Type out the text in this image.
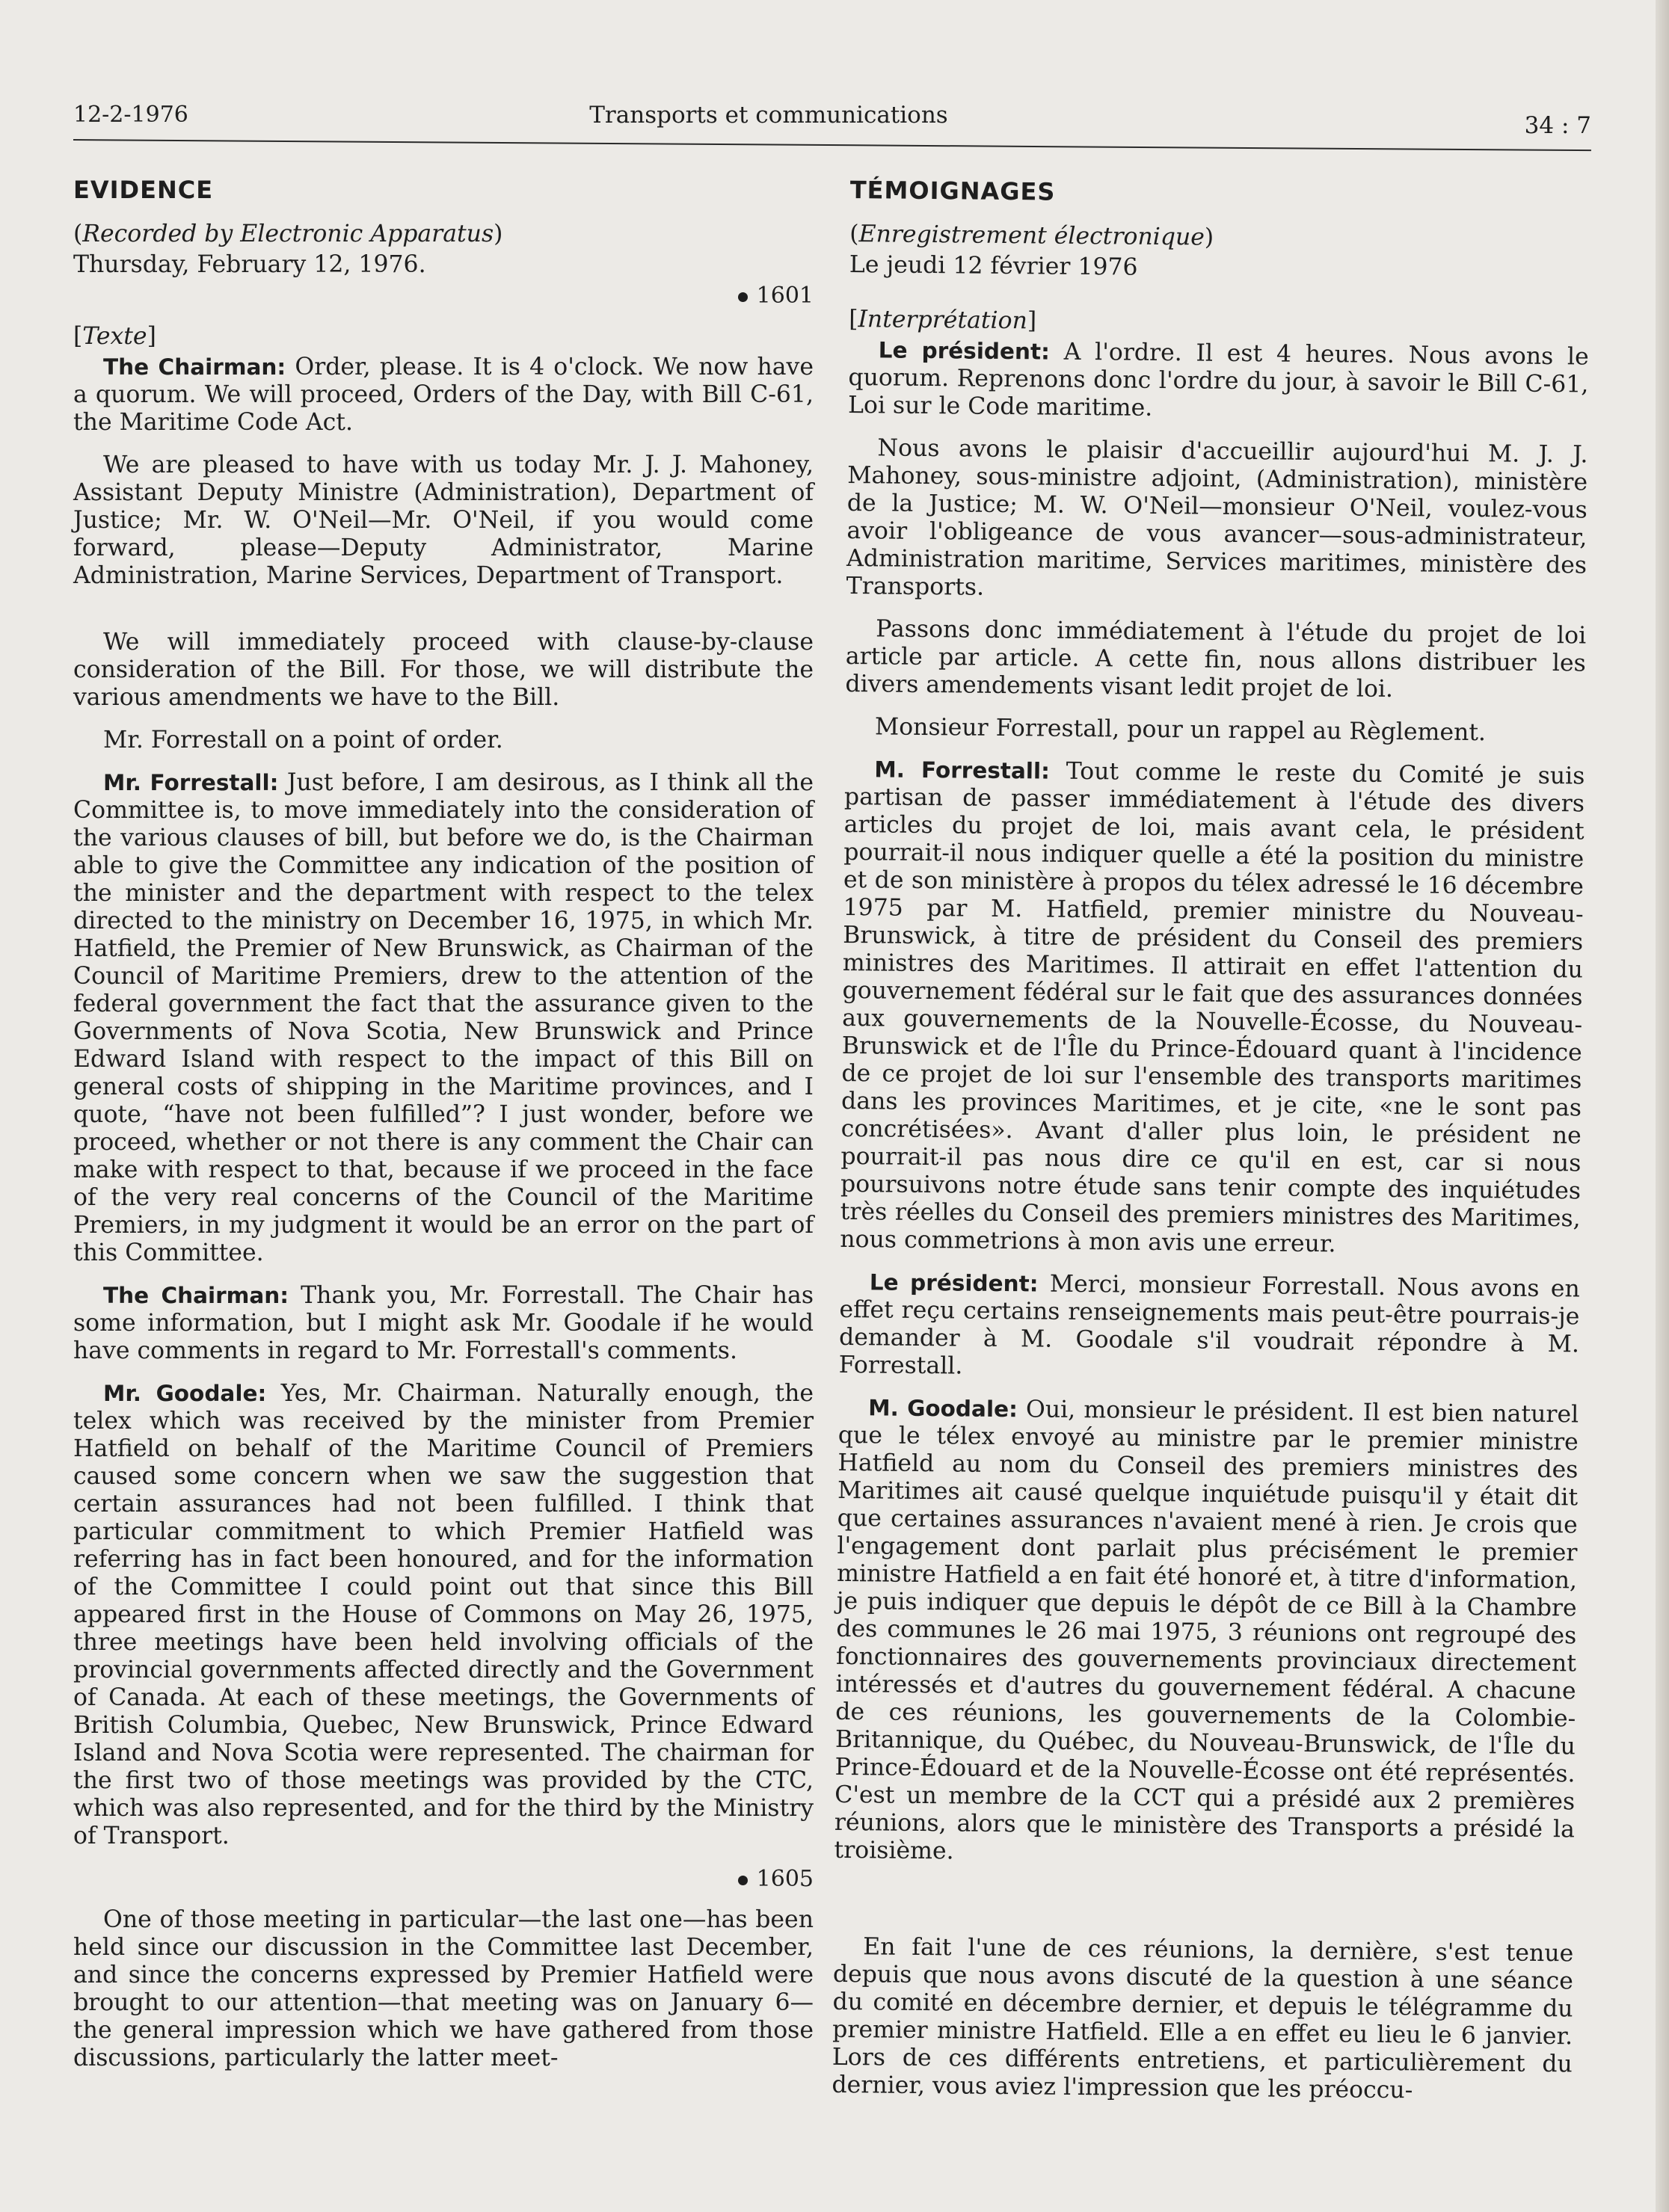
12-2-1976	Transports et communications	34 : 7
EVIDENCE

(Recorded by Electronic Apparatus)

Thursday, February 12, 1976.

1601

[Texte]

The Chairman: Order, please. It is 4 o'clock. We now have a quorum. We will proceed, Orders of the Day, with Bill C-61, the Maritime Code Act.

We are pleased to have with us today Mr. J. J. Mahoney, Assistant Deputy Ministre (Administration), Department of Justice; Mr. W. O'Neil—Mr. O'Neil, if you would come forward, please—Deputy Administrator, Marine Administration, Marine Services, Department of Transport.

We will immediately proceed with clause-by-clause consideration of the Bill. For those, we will distribute the various amendments we have to the Bill.

Mr. Forrestall on a point of order.

Mr. Forrestall: Just before, I am desirous, as I think all the Committee is, to move immediately into the consideration of the various clauses of bill, but before we do, is the Chairman able to give the Committee any indication of the position of the minister and the department with respect to the telex directed to the ministry on December 16, 1975, in which Mr. Hatfield, the Premier of New Brunswick, as Chairman of the Council of Maritime Premiers, drew to the attention of the federal government the fact that the assurance given to the Governments of Nova Scotia, New Brunswick and Prince Edward Island with respect to the impact of this Bill on general costs of shipping in the Maritime provinces, and I quote, “have not been fulfilled”? I just wonder, before we proceed, whether or not there is any comment the Chair can make with respect to that, because if we proceed in the face of the very real concerns of the Council of the Maritime Premiers, in my judgment it would be an error on the part of this Committee.

The Chairman: Thank you, Mr. Forrestall. The Chair has some information, but I might ask Mr. Goodale if he would have comments in regard to Mr. Forrestall's comments.

Mr. Goodale: Yes, Mr. Chairman. Naturally enough, the telex which was received by the minister from Premier Hatfield on behalf of the Maritime Council of Premiers caused some concern when we saw the suggestion that certain assurances had not been fulfilled. I think that particular commitment to which Premier Hatfield was referring has in fact been honoured, and for the information of the Committee I could point out that since this Bill appeared first in the House of Commons on May 26, 1975, three meetings have been held involving officials of the provincial governments affected directly and the Government of Canada. At each of these meetings, the Governments of British Columbia, Quebec, New Brunswick, Prince Edward Island and Nova Scotia were represented. The chairman for the first two of those meetings was provided by the CTC, which was also represented, and for the third by the Ministry of Transport.

1605

One of those meeting in particular—the last one—has been held since our discussion in the Committee last December, and since the concerns expressed by Premier Hatfield were brought to our attention—that meeting was on January 6—the general impression which we have gathered from those discussions, particularly the latter meet-

TÉMOIGNAGES

(Enregistrement électronique)

Le jeudi 12 février 1976

[Interprétation]

Le président: A l'ordre. Il est 4 heures. Nous avons le quorum. Reprenons donc l'ordre du jour, à savoir le Bill C-61, Loi sur le Code maritime.

Nous avons le plaisir d'accueillir aujourd'hui M. J. J. Mahoney, sous-ministre adjoint, (Administration), ministère de la Justice; M. W. O'Neil—monsieur O'Neil, voulez-vous avoir l'obligeance de vous avancer—sous-administrateur, Administration maritime, Services maritimes, ministère des Transports.

Passons donc immédiatement à l'étude du projet de loi article par article. A cette fin, nous allons distribuer les divers amendements visant ledit projet de loi.

Monsieur Forrestall, pour un rappel au Règlement.

M. Forrestall: Tout comme le reste du Comité je suis partisan de passer immédiatement à l'étude des divers articles du projet de loi, mais avant cela, le président pourrait-il nous indiquer quelle a été la position du ministre et de son ministère à propos du télex adressé le 16 décembre 1975 par M. Hatfield, premier ministre du Nouveau-Brunswick, à titre de président du Conseil des premiers ministres des Maritimes. Il attirait en effet l'attention du gouvernement fédéral sur le fait que des assurances données aux gouvernements de la Nouvelle-Écosse, du Nouveau-Brunswick et de l'Île du Prince-Édouard quant à l'incidence de ce projet de loi sur l'ensemble des transports maritimes dans les provinces Maritimes, et je cite, «ne le sont pas concrétisées». Avant d'aller plus loin, le président ne pourrait-il pas nous dire ce qu'il en est, car si nous poursuivons notre étude sans tenir compte des inquiétudes très réelles du Conseil des premiers ministres des Maritimes, nous commetrions à mon avis une erreur.

Le président: Merci, monsieur Forrestall. Nous avons en effet reçu certains renseignements mais peut-être pourrais-je demander à M. Goodale s'il voudrait répondre à M. Forrestall.

M. Goodale: Oui, monsieur le président. Il est bien naturel que le télex envoyé au ministre par le premier ministre Hatfield au nom du Conseil des premiers ministres des Maritimes ait causé quelque inquiétude puisqu'il y était dit que certaines assurances n'avaient mené à rien. Je crois que l'engagement dont parlait plus précisément le premier ministre Hatfield a en fait été honoré et, à titre d'information, je puis indiquer que depuis le dépôt de ce Bill à la Chambre des communes le 26 mai 1975, 3 réunions ont regroupé des fonctionnaires des gouvernements provinciaux directement intéressés et d'autres du gouvernement fédéral. A chacune de ces réunions, les gouvernements de la Colombie-Britannique, du Québec, du Nouveau-Brunswick, de l'Île du Prince-Édouard et de la Nouvelle-Écosse ont été représentés. C'est un membre de la CCT qui a présidé aux 2 premières réunions, alors que le ministère des Transports a présidé la troisième.

En fait l'une de ces réunions, la dernière, s'est tenue depuis que nous avons discuté de la question à une séance du comité en décembre dernier, et depuis le télégramme du premier ministre Hatfield. Elle a en effet eu lieu le 6 janvier. Lors de ces différents entretiens, et particulièrement du dernier, vous aviez l'impression que les préoccu-
